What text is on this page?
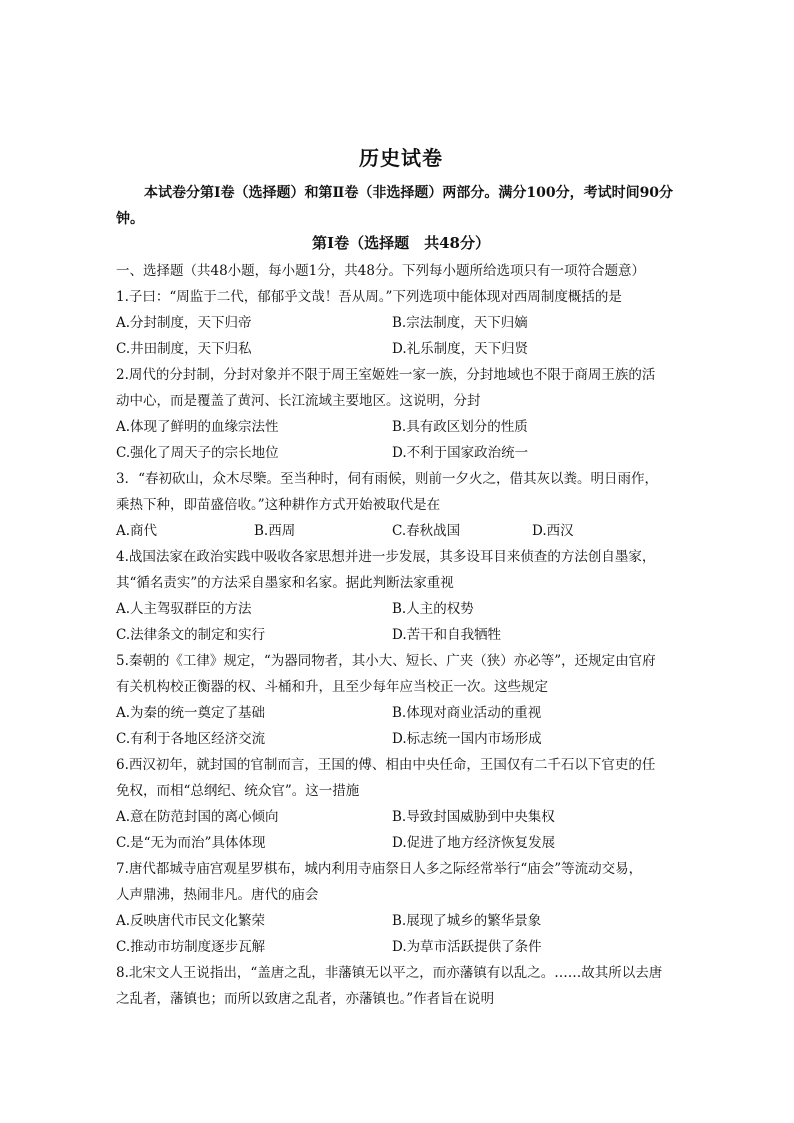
历史试卷
本试卷分第Ⅰ卷（选择题）和第Ⅱ卷（非选择题）两部分。满分100分，考试时间90分
钟。
第Ⅰ卷（选择题　共48分）
一、选择题（共48小题，每小题1分，共48分。下列每小题所给选项只有一项符合题意）
1.子曰：“周监于二代，郁郁乎文哉！吾从周。”下列选项中能体现对西周制度概括的是
A.分封制度，天下归帝	B.宗法制度，天下归嫡
C.井田制度，天下归私	D.礼乐制度，天下归贤
2.周代的分封制，分封对象并不限于周王室姬姓一家一族，分封地域也不限于商周王族的活
动中心，而是覆盖了黄河、长江流域主要地区。这说明，分封
A.体现了鲜明的血缘宗法性	B.具有政区划分的性质
C.强化了周天子的宗长地位	D.不利于国家政治统一
3．“春初砍山，众木尽㯺。至当种时，伺有雨候，则前一夕火之，借其灰以粪。明日雨作，
乘热下种，即苗盛倍收。”这种耕作方式开始被取代是在
A.商代	B.西周	C.春秋战国	D.西汉
4.战国法家在政治实践中吸收各家思想并进一步发展，其多设耳目来侦查的方法创自墨家，
其“循名责实”的方法采自墨家和名家。据此判断法家重视
A.人主驾驭群臣的方法	B.人主的权势
C.法律条文的制定和实行	D.苦干和自我牺牲
5.秦朝的《工律》规定，“为器同物者，其小大、短长、广夹（狭）亦必等”，还规定由官府
有关机构校正衡器的权、斗桶和升，且至少每年应当校正一次。这些规定
A.为秦的统一奠定了基础	B.体现对商业活动的重视
C.有利于各地区经济交流	D.标志统一国内市场形成
6.西汉初年，就封国的官制而言，王国的傅、相由中央任命，王国仅有二千石以下官吏的任
免权，而相“总纲纪、统众官”。这一措施
A.意在防范封国的离心倾向	B.导致封国威胁到中央集权
C.是“无为而治”具体体现	D.促进了地方经济恢复发展
7.唐代都城寺庙宫观星罗棋布，城内利用寺庙祭日人多之际经常举行“庙会”等流动交易，
人声鼎沸，热闹非凡。唐代的庙会
A.反映唐代市民文化繁荣	B.展现了城乡的繁华景象
C.推动市坊制度逐步瓦解	D.为草市活跃提供了条件
8.北宋文人王说指出，“盖唐之乱，非藩镇无以平之，而亦藩镇有以乱之。……故其所以去唐
之乱者，藩镇也；而所以致唐之乱者，亦藩镇也。”作者旨在说明
